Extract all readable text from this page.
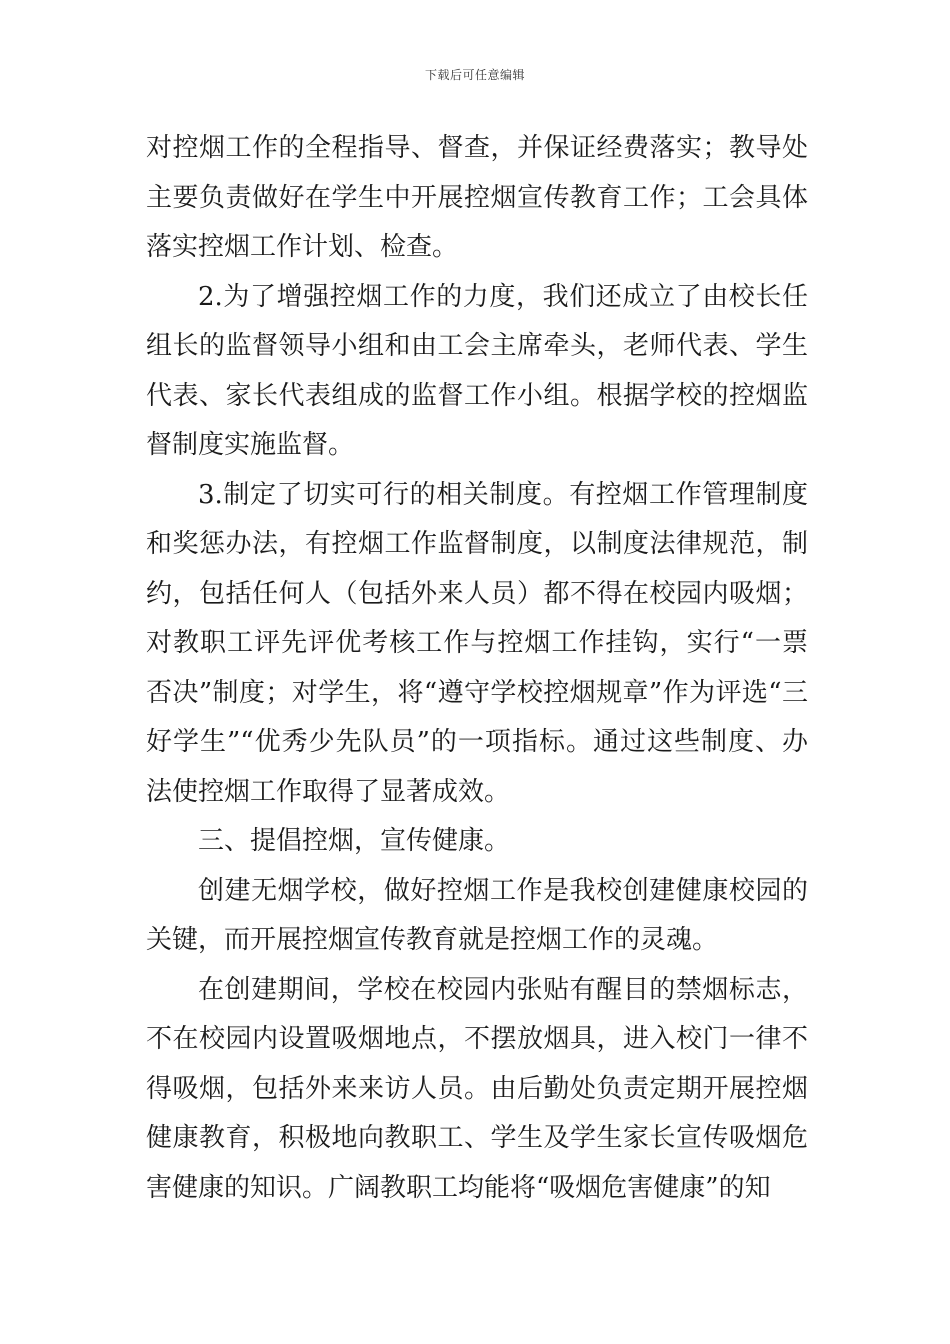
下载后可任意编辑

对控烟工作的全程指导、督查，并保证经费落实；教导处主要负责做好在学生中开展控烟宣传教育工作；工会具体落实控烟工作计划、检查。

2.为了增强控烟工作的力度，我们还成立了由校长任组长的监督领导小组和由工会主席牵头，老师代表、学生代表、家长代表组成的监督工作小组。根据学校的控烟监督制度实施监督。

3.制定了切实可行的相关制度。有控烟工作管理制度和奖惩办法，有控烟工作监督制度，以制度法律规范，制约，包括任何人（包括外来人员）都不得在校园内吸烟；对教职工评先评优考核工作与控烟工作挂钩，实行“一票否决”制度；对学生，将“遵守学校控烟规章”作为评选“三好学生”“优秀少先队员”的一项指标。通过这些制度、办法使控烟工作取得了显著成效。

三、提倡控烟，宣传健康。

创建无烟学校，做好控烟工作是我校创建健康校园的关键，而开展控烟宣传教育就是控烟工作的灵魂。

在创建期间，学校在校园内张贴有醒目的禁烟标志，不在校园内设置吸烟地点，不摆放烟具，进入校门一律不得吸烟，包括外来来访人员。由后勤处负责定期开展控烟健康教育，积极地向教职工、学生及学生家长宣传吸烟危害健康的知识。广阔教职工均能将“吸烟危害健康”的知
